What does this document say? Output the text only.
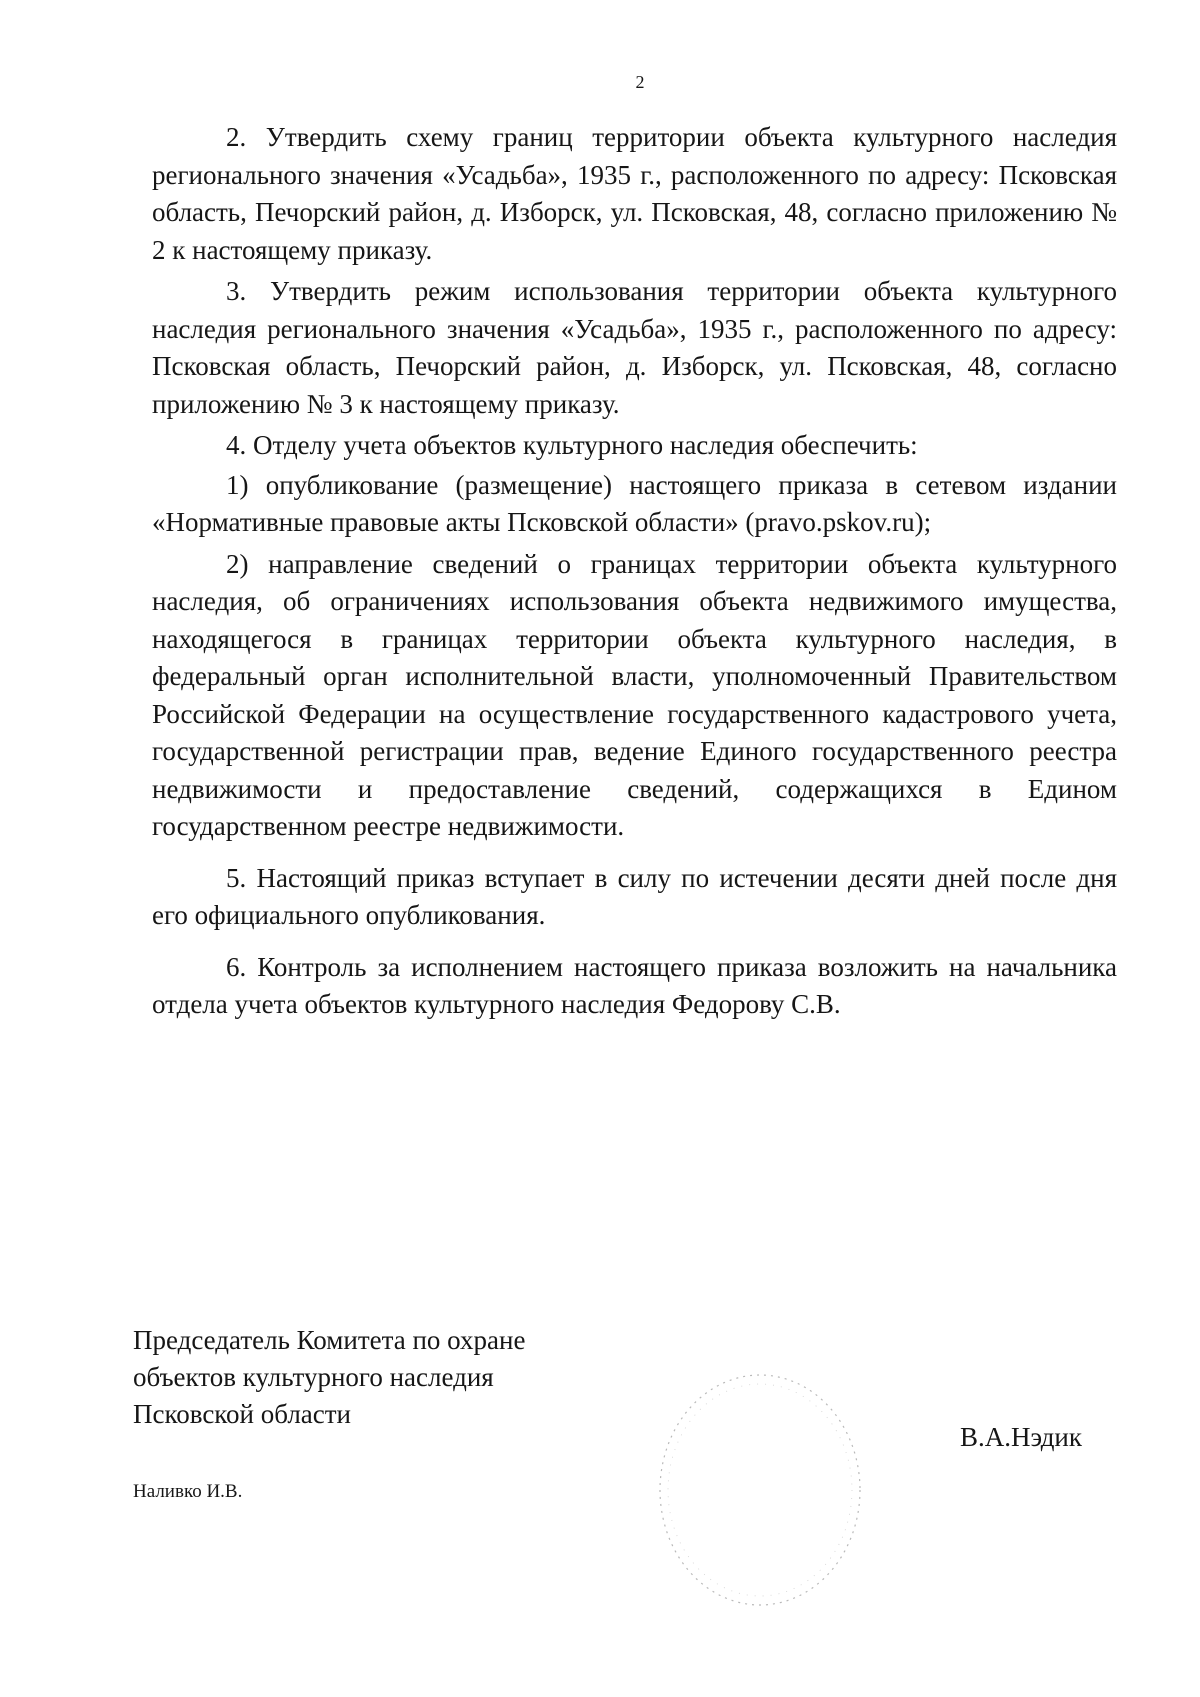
2

2. Утвердить схему границ территории объекта культурного наследия регионального значения «Усадьба», 1935 г., расположенного по адресу: Псковская область, Печорский район, д. Изборск, ул. Псковская, 48, согласно приложению № 2 к настоящему приказу.

3. Утвердить режим использования территории объекта культурного наследия регионального значения «Усадьба», 1935 г., расположенного по адресу: Псковская область, Печорский район, д. Изборск, ул. Псковская, 48, согласно приложению № 3 к настоящему приказу.

4. Отделу учета объектов культурного наследия обеспечить:

1) опубликование (размещение) настоящего приказа в сетевом издании «Нормативные правовые акты Псковской области» (pravo.pskov.ru);

2) направление сведений о границах территории объекта культурного наследия, об ограничениях использования объекта недвижимого имущества, находящегося в границах территории объекта культурного наследия, в федеральный орган исполнительной власти, уполномоченный Правительством Российской Федерации на осуществление государственного кадастрового учета, государственной регистрации прав, ведение Единого государственного реестра недвижимости и предоставление сведений, содержащихся в Едином государственном реестре недвижимости.

5. Настоящий приказ вступает в силу по истечении десяти дней после дня его официального опубликования.

6. Контроль за исполнением настоящего приказа возложить на начальника отдела учета объектов культурного наследия Федорову С.В.

Председатель Комитета по охране
объектов культурного наследия
Псковской области
В.А.Нэдик
Наливко И.В.
